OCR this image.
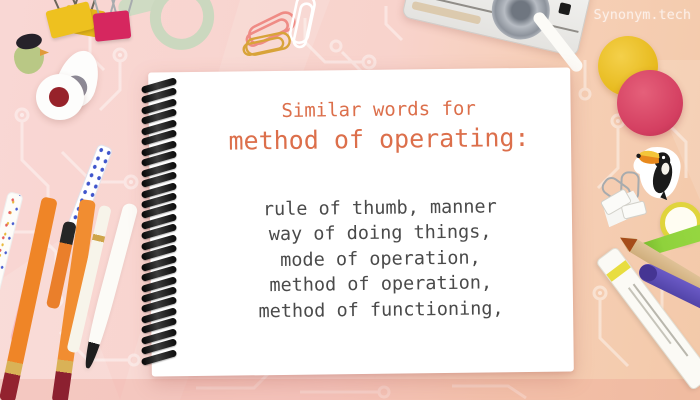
Synonym.tech
Similar words for
method of operating:
rule of thumb, manner
way of doing things,
mode of operation,
method of operation,
method of functioning,
